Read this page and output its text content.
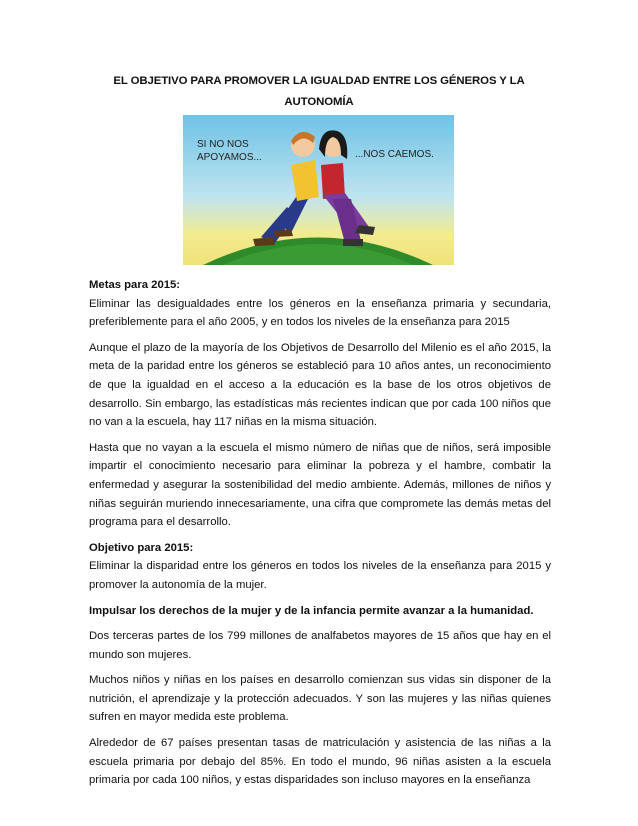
EL OBJETIVO PARA PROMOVER LA IGUALDAD ENTRE LOS GÉNEROS Y LA AUTONOMÍA
SI NO NOS
APOYAMOS...	...NOS CAEMOS.

Metas para 2015:
Eliminar las desigualdades entre los géneros en la enseñanza primaria y secundaria, preferiblemente para el año 2005, y en todos los niveles de la enseñanza para 2015

Aunque el plazo de la mayoría de los Objetivos de Desarrollo del Milenio es el año 2015, la meta de la paridad entre los géneros se estableció para 10 años antes, un reconocimiento de que la igualdad en el acceso a la educación es la base de los otros objetivos de desarrollo. Sin embargo, las estadísticas más recientes indican que por cada 100 niños que no van a la escuela, hay 117 niñas en la misma situación.

Hasta que no vayan a la escuela el mismo número de niñas que de niños, será imposible impartir el conocimiento necesario para eliminar la pobreza y el hambre, combatir la enfermedad y asegurar la sostenibilidad del medio ambiente. Además, millones de niños y niñas seguirán muriendo innecesariamente, una cifra que compromete las demás metas del programa para el desarrollo.

Objetivo para 2015:
Eliminar la disparidad entre los géneros en todos los niveles de la enseñanza para 2015 y promover la autonomía de la mujer.

Impulsar los derechos de la mujer y de la infancia permite avanzar a la humanidad.

Dos terceras partes de los 799 millones de analfabetos mayores de 15 años que hay en el mundo son mujeres.

Muchos niños y niñas en los países en desarrollo comienzan sus vidas sin disponer de la nutrición, el aprendizaje y la protección adecuados. Y son las mujeres y las niñas quienes sufren en mayor medida este problema.

Alrededor de 67 países presentan tasas de matriculación y asistencia de las niñas a la escuela primaria por debajo del 85%. En todo el mundo, 96 niñas asisten a la escuela primaria por cada 100 niños, y estas disparidades son incluso mayores en la enseñanza
